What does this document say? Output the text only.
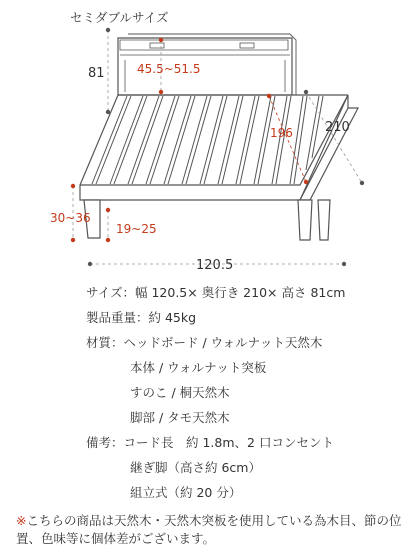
セミダブルサイズ
81	45.5~51.5
210
196
30~36
19~25
120.5
サイズ：幅 120.5× 奥行き 210× 高さ 81cm
製品重量：約 45kg
材質：ヘッドボード / ウォルナット天然木
本体 / ウォルナット突板
すのこ / 桐天然木
脚部 / タモ天然木
備考：コード長　約 1.8m、2 口コンセント
継ぎ脚（高さ約 6cm）
組立式（約 20 分）
※こちらの商品は天然木・天然木突板を使用している為木目、節の位置、色味等に個体差がございます。
